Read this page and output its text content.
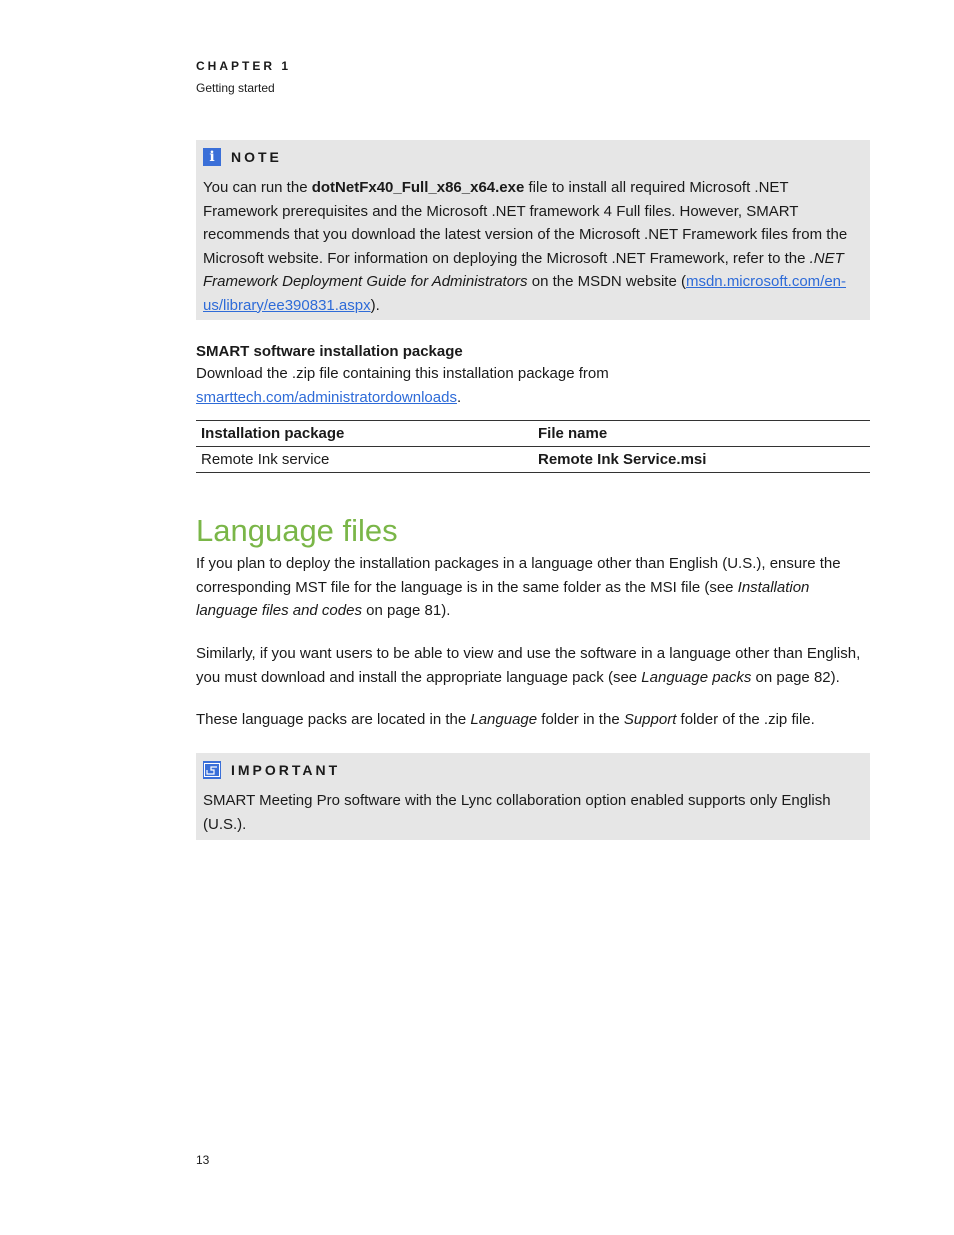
CHAPTER 1
Getting started
i	NOTE

You can run the dotNetFx40_Full_x86_x64.exe file to install all required Microsoft .NET Framework prerequisites and the Microsoft .NET framework 4 Full files. However, SMART recommends that you download the latest version of the Microsoft .NET Framework files from the Microsoft website. For information on deploying the Microsoft .NET Framework, refer to the .NET Framework Deployment Guide for Administrators on the MSDN website (msdn.microsoft.com/en-us/library/ee390831.aspx).

SMART software installation package

Download the .zip file containing this installation package from
smarttech.com/administratordownloads.

Installation package	File name
Remote Ink service	Remote Ink Service.msi
Language files

If you plan to deploy the installation packages in a language other than English (U.S.), ensure the corresponding MST file for the language is in the same folder as the MSI file (see Installation language files and codes on page 81).

Similarly, if you want users to be able to view and use the software in a language other than English, you must download and install the appropriate language pack (see Language packs on page 82).

These language packs are located in the Language folder in the Support folder of the .zip file.

IMPORTANT

SMART Meeting Pro software with the Lync collaboration option enabled supports only English (U.S.).

13
